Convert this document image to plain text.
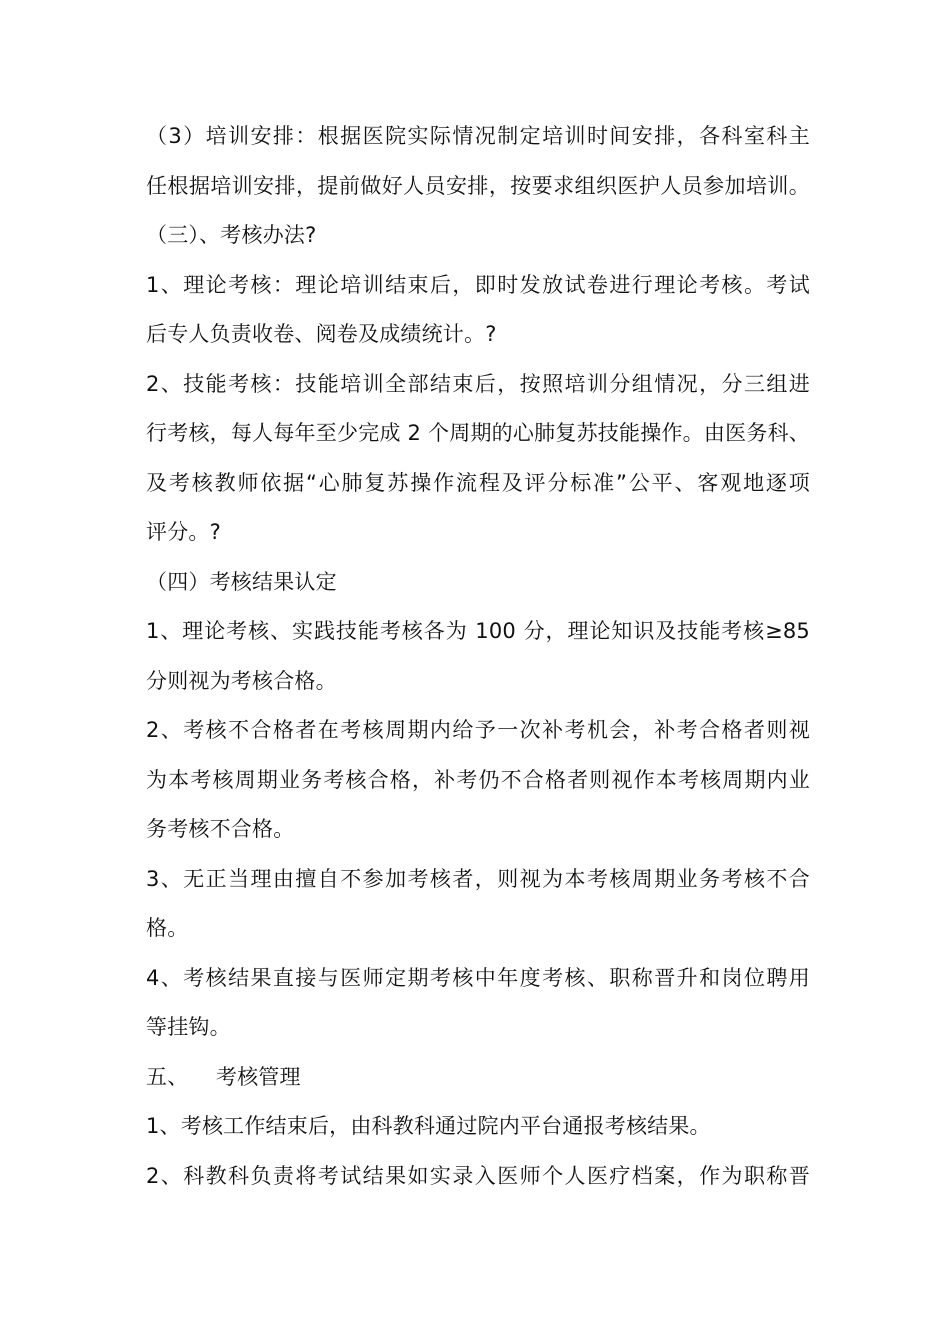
（3）培训安排：根据医院实际情况制定培训时间安排，各科室科主
任根据培训安排，提前做好人员安排，按要求组织医护人员参加培训。
（三）、考核办法?
1、理论考核：理论培训结束后，即时发放试卷进行理论考核。考试
后专人负责收卷、阅卷及成绩统计。?
2、技能考核：技能培训全部结束后，按照培训分组情况，分三组进
行考核，每人每年至少完成 2 个周期的心肺复苏技能操作。由医务科、
及考核教师依据“心肺复苏操作流程及评分标准”公平、客观地逐项
评分。?
（四）考核结果认定
1、理论考核、实践技能考核各为 100 分，理论知识及技能考核≥85
分则视为考核合格。
2、考核不合格者在考核周期内给予一次补考机会，补考合格者则视
为本考核周期业务考核合格，补考仍不合格者则视作本考核周期内业
务考核不合格。
3、无正当理由擅自不参加考核者，则视为本考核周期业务考核不合
格。
4、考核结果直接与医师定期考核中年度考核、职称晋升和岗位聘用
等挂钩。
五、    考核管理
1、考核工作结束后，由科教科通过院内平台通报考核结果。
2、科教科负责将考试结果如实录入医师个人医疗档案，作为职称晋
